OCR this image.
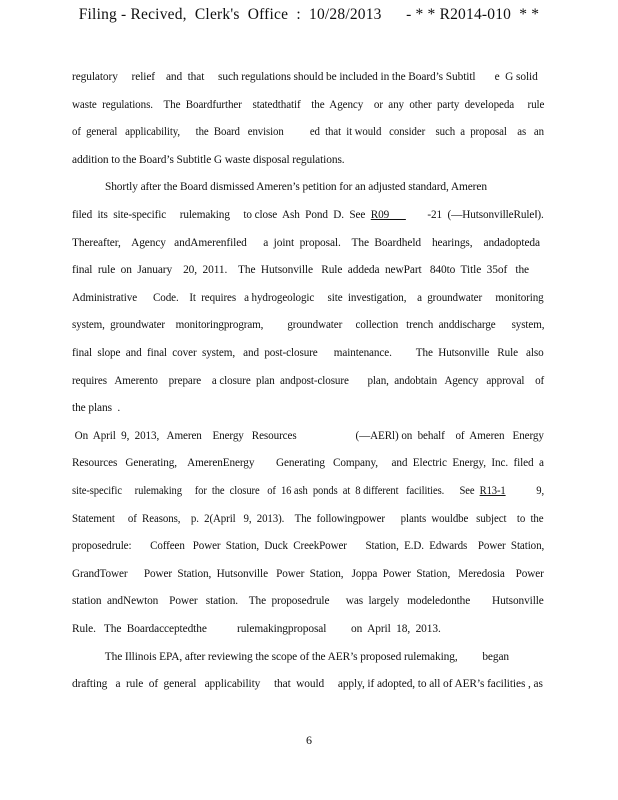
Filing - Recived,  Clerk's  Office  :  10/28/2013      - * * R2014-010  * *
regulatory     relief    and  that     such regulations should be included in the Board’s Subtitl       e  G solid
waste  regulations.    The  Boardfurther    statedthatif    the  Agency    or  any  other  party  developeda     rule
of  general   applicability,      the  Board   envision          ed  that  it would   consider    such  a  proposal    as   an
addition to the Board’s Subtitle G waste disposal regulations.
Shortly after the Board dismissed Ameren’s petition for an adjusted standard, Ameren
filed  its  site-specific     rulemaking     to close  Ash  Pond  D.  See  R09___        -21  (—HutsonvilleRule‖).
Thereafter,    Agency   andAmerenfiled      a  joint  proposal.    The  Boardheld    hearings,    andadopteda
final  rule  on  January    20,  2011.    The  Hutsonville   Rule  addeda  newPart   840to  Title  35of   the
Administrative      Code.    It  requires   a hydrogeologic     site  investigation,    a  groundwater     monitoring
system,  groundwater    monitoringprogram,         groundwater     collection   trench  anddischarge      system,
final  slope  and  final  cover  system,   and  post-closure      maintenance.         The  Hutsonville   Rule   also
requires   Amerento    prepare    a closure  plan  andpost-closure       plan,  andobtain   Agency   approval    of
the plans  .
On  April  9,  2013,   Ameren    Energy   Resources                      (—AERl) on  behalf    of  Ameren   Energy
Resources   Generating,    AmerenEnergy        Generating   Company,     and  Electric  Energy,  Inc.  filed  a
site-specific     rulemaking     for  the  closure   of  16 ash  ponds  at  8 different   facilities.      See  R13-1            9,
Statement     of  Reasons,    p.  2(April   9,  2013).    The  followingpower      plants  wouldbe   subject    to  the
proposedrule:       Coffeen   Power  Station,  Duck  CreekPower       Station,  E.D.  Edwards    Power  Station,
GrandTower      Power  Station,  Hutsonville   Power  Station,   Joppa  Power  Station,   Meredosia    Power
station  andNewton    Power   station.    The  proposedrule      was  largely   modeledonthe        Hutsonville
Rule.   The  Boardacceptedthe           rulemakingproposal         on  April  18,  2013.
The Illinois EPA, after reviewing the scope of the AER’s proposed rulemaking,         began
drafting   a  rule  of  general   applicability     that  would     apply, if adopted, to all of AER’s facilities , as
6
